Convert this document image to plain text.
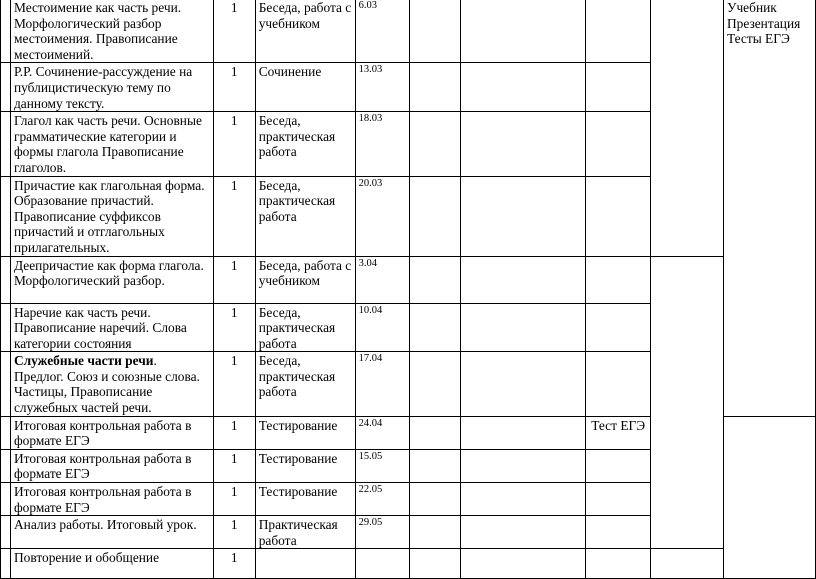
	Местоимение как часть речи. Морфологический разбор местоимения. Правописание местоимений.	1	Беседа, работа с учебником	6.03					Учебник
Презентация
Тесты ЕГЭ

	Р.Р. Сочинение-рассуждение на публицистическую тему по данному тексту.	1	Сочинение	13.03					
	Глагол как часть речи. Основные грамматические категории и формы глагола Правописание глаголов.	1	Беседа, практическая работа	18.03					
	Причастие как глагольная форма. Образование причастий. Правописание суффиксов причастий и отглагольных прилагательных.	1	Беседа, практическая работа	20.03					
	Деепричастие как форма глагола. Морфологический разбор.	1	Беседа, работа с учебником	3.04					
	Наречие как часть речи. Правописание наречий. Слова категории состояния	1	Беседа, практическая работа	10.04					
	Служебные части речи. Предлог. Союз и союзные слова. Частицы, Правописание служебных частей речи.	1	Беседа, практическая работа	17.04					
	Итоговая контрольная работа в формате ЕГЭ	1	Тестирование	24.04			Тест ЕГЭ		
	Итоговая контрольная работа в формате ЕГЭ	1	Тестирование	15.05					
	Итоговая контрольная работа в формате ЕГЭ	1	Тестирование	22.05					
	Анализ работы. Итоговый урок.	1	Практическая работа	29.05					
	Повторение и обобщение	1							
